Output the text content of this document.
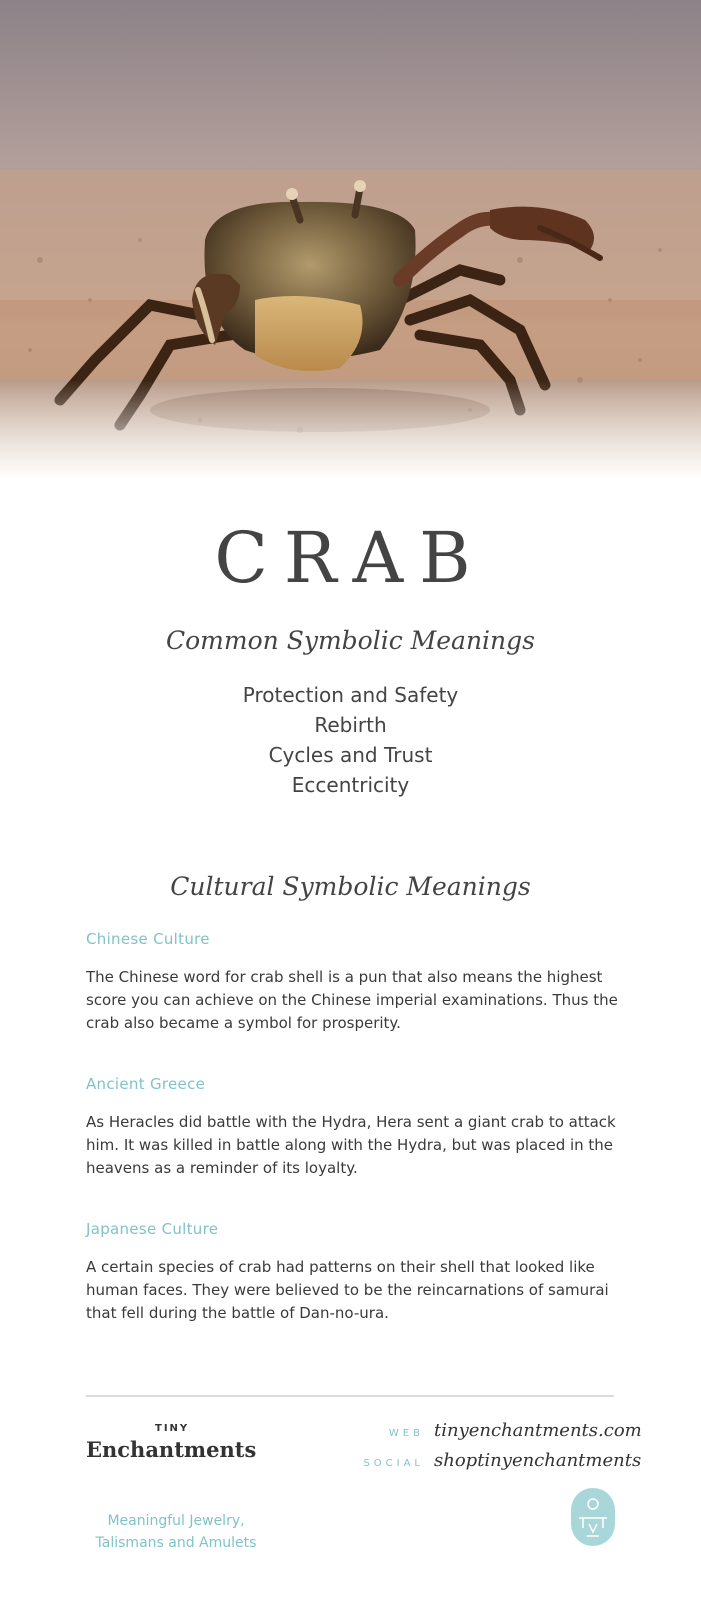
CRAB
Common Symbolic Meanings
Protection and Safety
Rebirth
Cycles and Trust
Eccentricity
Cultural Symbolic Meanings
Chinese Culture

The Chinese word for crab shell is a pun that also means the highest score you can achieve on the Chinese imperial examinations. Thus the crab also became a symbol for prosperity.

Ancient Greece

As Heracles did battle with the Hydra, Hera sent a giant crab to attack him. It was killed in battle along with the Hydra, but was placed in the heavens as a reminder of its loyalty.

Japanese Culture

A certain species of crab had patterns on their shell that looked like human faces. They were believed to be the reincarnations of samurai that fell during the battle of Dan-no-ura.

TINY
Enchantments
Meaningful Jewelry, Talismans and Amulets
WEB tinyenchantments.com
SOCIAL shoptinyenchantments
